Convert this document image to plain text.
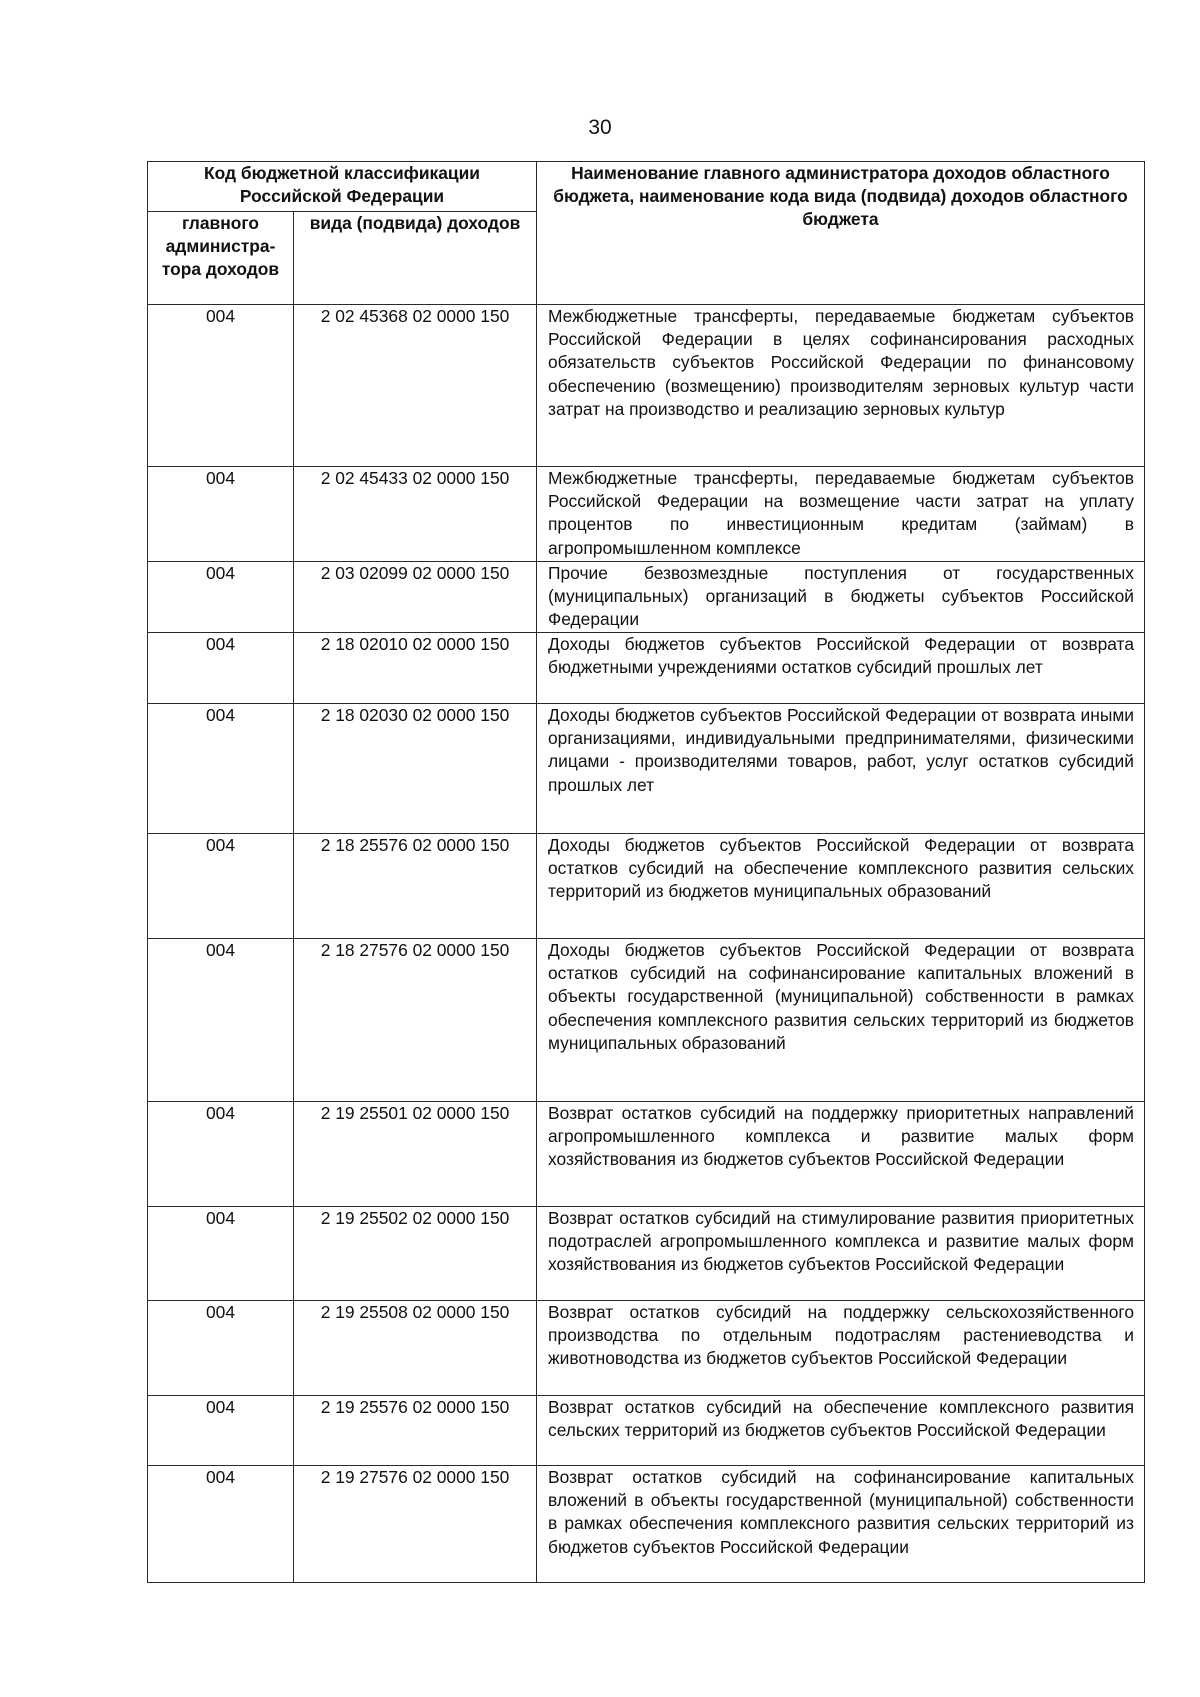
30
Код бюджетной классификации Российской Федерации		Наименование главного администратора доходов областного бюджета, наименование кода вида (подвида) доходов областного бюджета
главного администра-тора доходов	вида (подвида) доходов	
004	2 02 45368 02 0000 150	Межбюджетные трансферты, передаваемые бюджетам субъектов Российской Федерации в целях софинансирования расходных обязательств субъектов Российской Федерации по финансовому обеспечению (возмещению) производителям зерновых культур части затрат на производство и реализацию зерновых культур
004	2 02 45433 02 0000 150	Межбюджетные трансферты, передаваемые бюджетам субъектов Российской Федерации на возмещение части затрат на уплату процентов по инвестиционным кредитам (займам) в агропромышленном комплексе
004	2 03 02099 02 0000 150	Прочие безвозмездные поступления от государственных (муниципальных) организаций в бюджеты субъектов Российской Федерации
004	2 18 02010 02 0000 150	Доходы бюджетов субъектов Российской Федерации от возврата бюджетными учреждениями остатков субсидий прошлых лет
004	2 18 02030 02 0000 150	Доходы бюджетов субъектов Российской Федерации от возврата иными организациями, индивидуальными предпринимателями, физическими лицами - производителями товаров, работ, услуг остатков субсидий прошлых лет
004	2 18 25576 02 0000 150	Доходы бюджетов субъектов Российской Федерации от возврата остатков субсидий на обеспечение комплексного развития сельских территорий из бюджетов муниципальных образований
004	2 18 27576 02 0000 150	Доходы бюджетов субъектов Российской Федерации от возврата остатков субсидий на софинансирование капитальных вложений в объекты государственной (муниципальной) собственности в рамках обеспечения комплексного развития сельских территорий из бюджетов муниципальных образований
004	2 19 25501 02 0000 150	Возврат остатков субсидий на поддержку приоритетных направлений агропромышленного комплекса и развитие малых форм хозяйствования из бюджетов субъектов Российской Федерации
004	2 19 25502 02 0000 150	Возврат остатков субсидий на стимулирование развития приоритетных подотраслей агропромышленного комплекса и развитие малых форм хозяйствования из бюджетов субъектов Российской Федерации
004	2 19 25508 02 0000 150	Возврат остатков субсидий на поддержку сельскохозяйственного производства по отдельным подотраслям растениеводства и животноводства из бюджетов субъектов Российской Федерации
004	2 19 25576 02 0000 150	Возврат остатков субсидий на обеспечение комплексного развития сельских территорий из бюджетов субъектов Российской Федерации
004	2 19 27576 02 0000 150	Возврат остатков субсидий на софинансирование капитальных вложений в объекты государственной (муниципальной) собственности в рамках обеспечения комплексного развития сельских территорий из бюджетов субъектов Российской Федерации
